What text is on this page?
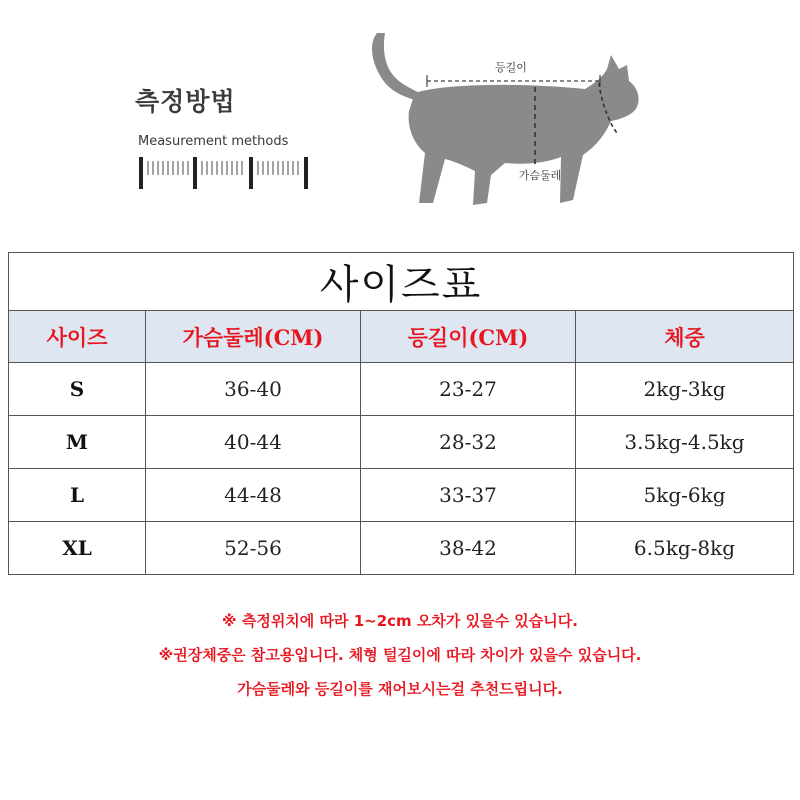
측정방법
Measurement methods
등길이
가슴둘레
사이즈표			
사이즈	가슴둘레(CM)	등길이(CM)	체중
S	36-40	23-27	2kg-3kg
M	40-44	28-32	3.5kg-4.5kg
L	44-48	33-37	5kg-6kg
XL	52-56	38-42	6.5kg-8kg
※ 측정위치에 따라 1~2cm 오차가 있을수 있습니다.
※권장체중은 참고용입니다. 체형 털길이에 따라 차이가 있을수 있습니다.
가슴둘레와 등길이를 재어보시는걸 추천드립니다.
